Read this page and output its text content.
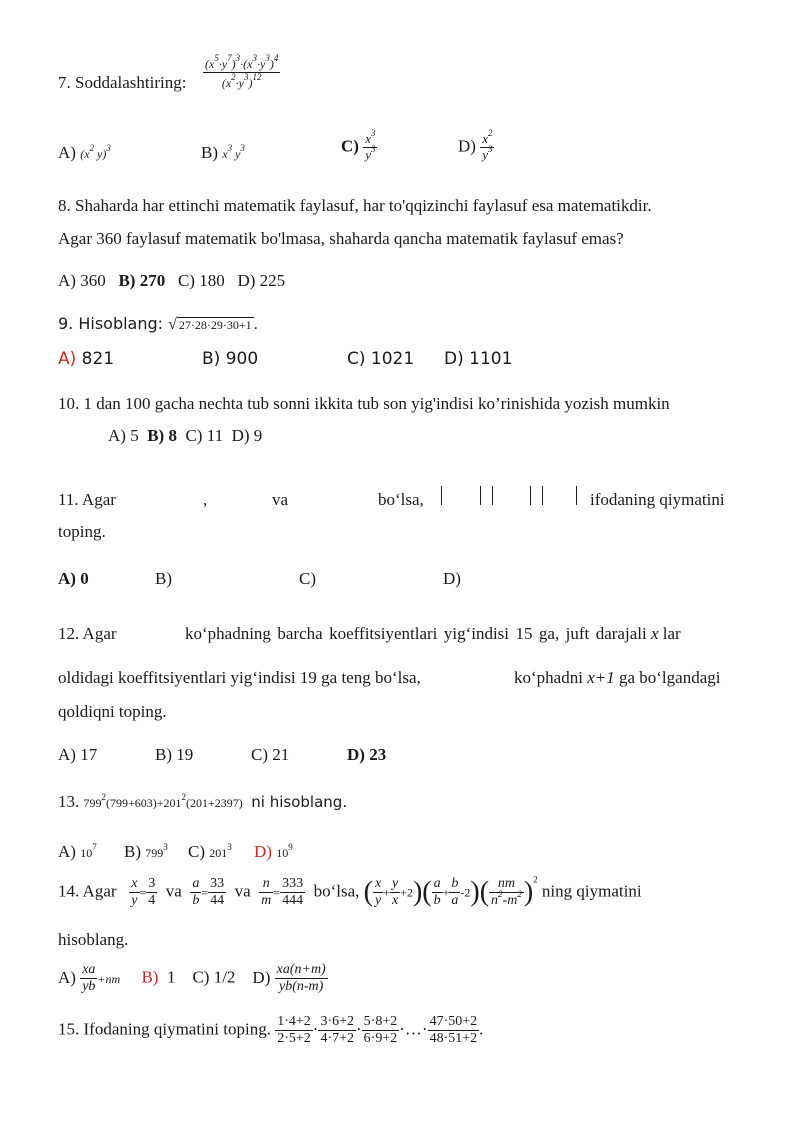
7. Soddalashtiring: $\frac{(x^5\cdot y^7)^3\cdot(x^3\cdot y^3)^4}{(x^2\cdot y^3)^{12}}$
A) ($x^2$ y)$^3$	B) $x^3$ $y^3$	$C) \frac{x^3}{y^3}$	$D) \frac{x^2}{y^3}$
8. Shaharda har ettinchi matematik faylasuf, har to'qqizinchi faylasuf esa matematikdir.
Agar 360 faylasuf matematik bo'lmasa, shaharda qancha matematik faylasuf emas?
A) 360 B) 270 C) 180 D) 225
9. Hisoblang: √ 27·28·29·30+1 .
A) 821	B) 900	C) 1021 D) 1101
10. 1 dan 100 gacha nechta tub sonni ikkita tub son yig'indisi ko’rinishida yozish mumkin
A) 5 B) 8 C) 11 D) 9
11. Agar	,	va	bo‘lsa,
	ifodaning qiymatini
toping.
A) 0	B)	C)	D)
12. Agar	ko‘phadning barcha koeffitsiyentlari yig‘indisi 15 ga, juft darajali x lar
oldidagi koeffitsiyentlari yig‘indisi 19 ga teng bo‘lsa,	ko‘phadni x+1 ga bo‘lgandagi
qoldiqni toping.
A) 17	B) 19	C) 21	D) 23
13. $799^2(799+603)+201^2(201+2397)$ ni hisoblang.
A) $10^7$ B) $799^3$ C) $201^3$ D) $10^9$
14. Agar $\frac{x}{y} = \frac{3}{4}$ va $\frac{a}{b} = \frac{33}{44}$ va $\frac{n}{m} = \frac{333}{444}$ bo‘lsa, ( $\frac{x}{y} + \frac{y}{x} +2)( \frac{a}{b} + \frac{b}{a} -2)( \frac{nm}{n^2-m^2} )^2$ ning qiymatini
hisoblang.
$A) \frac{xa}{yb} +nm$ B) 1 C) 1/2 $D) \frac{xa(n+m)}{yb(n-m)}$
15. Ifodaning qiymatini toping. $\frac{1\cdot 4+2}{2\cdot 5+2} \cdot \frac{3\cdot 6+2}{4\cdot 7+2} \cdot \frac{5\cdot 8+2}{6\cdot 9+2}$ ·…· $\frac{47\cdot 50+2}{48\cdot 51+2}$ .
